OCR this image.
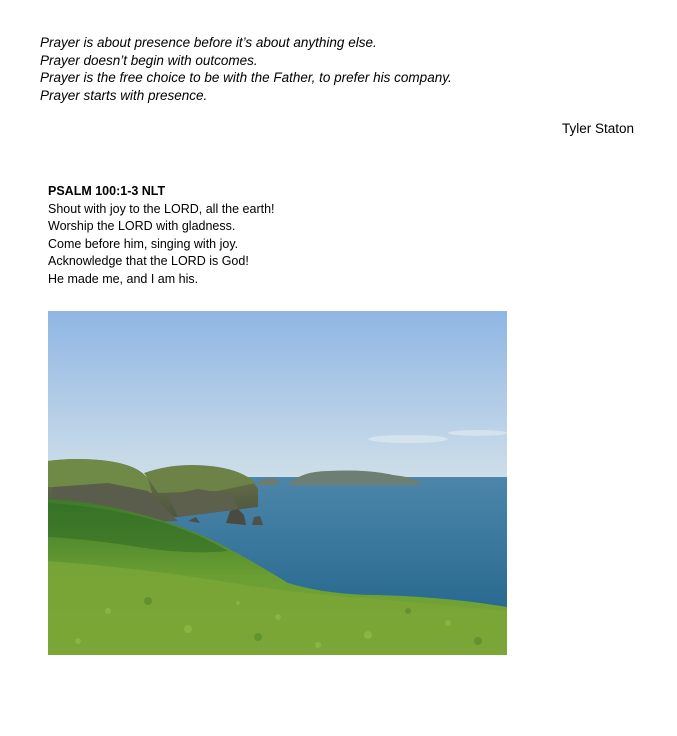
Prayer is about presence before it’s about anything else.
Prayer doesn’t begin with outcomes.
Prayer is the free choice to be with the Father, to prefer his company.
Prayer starts with presence.
Tyler Staton
PSALM 100:1-3 NLT
Shout with joy to the LORD, all the earth!
Worship the LORD with gladness.
Come before him, singing with joy.
Acknowledge that the LORD is God!
He made me, and I am his.
